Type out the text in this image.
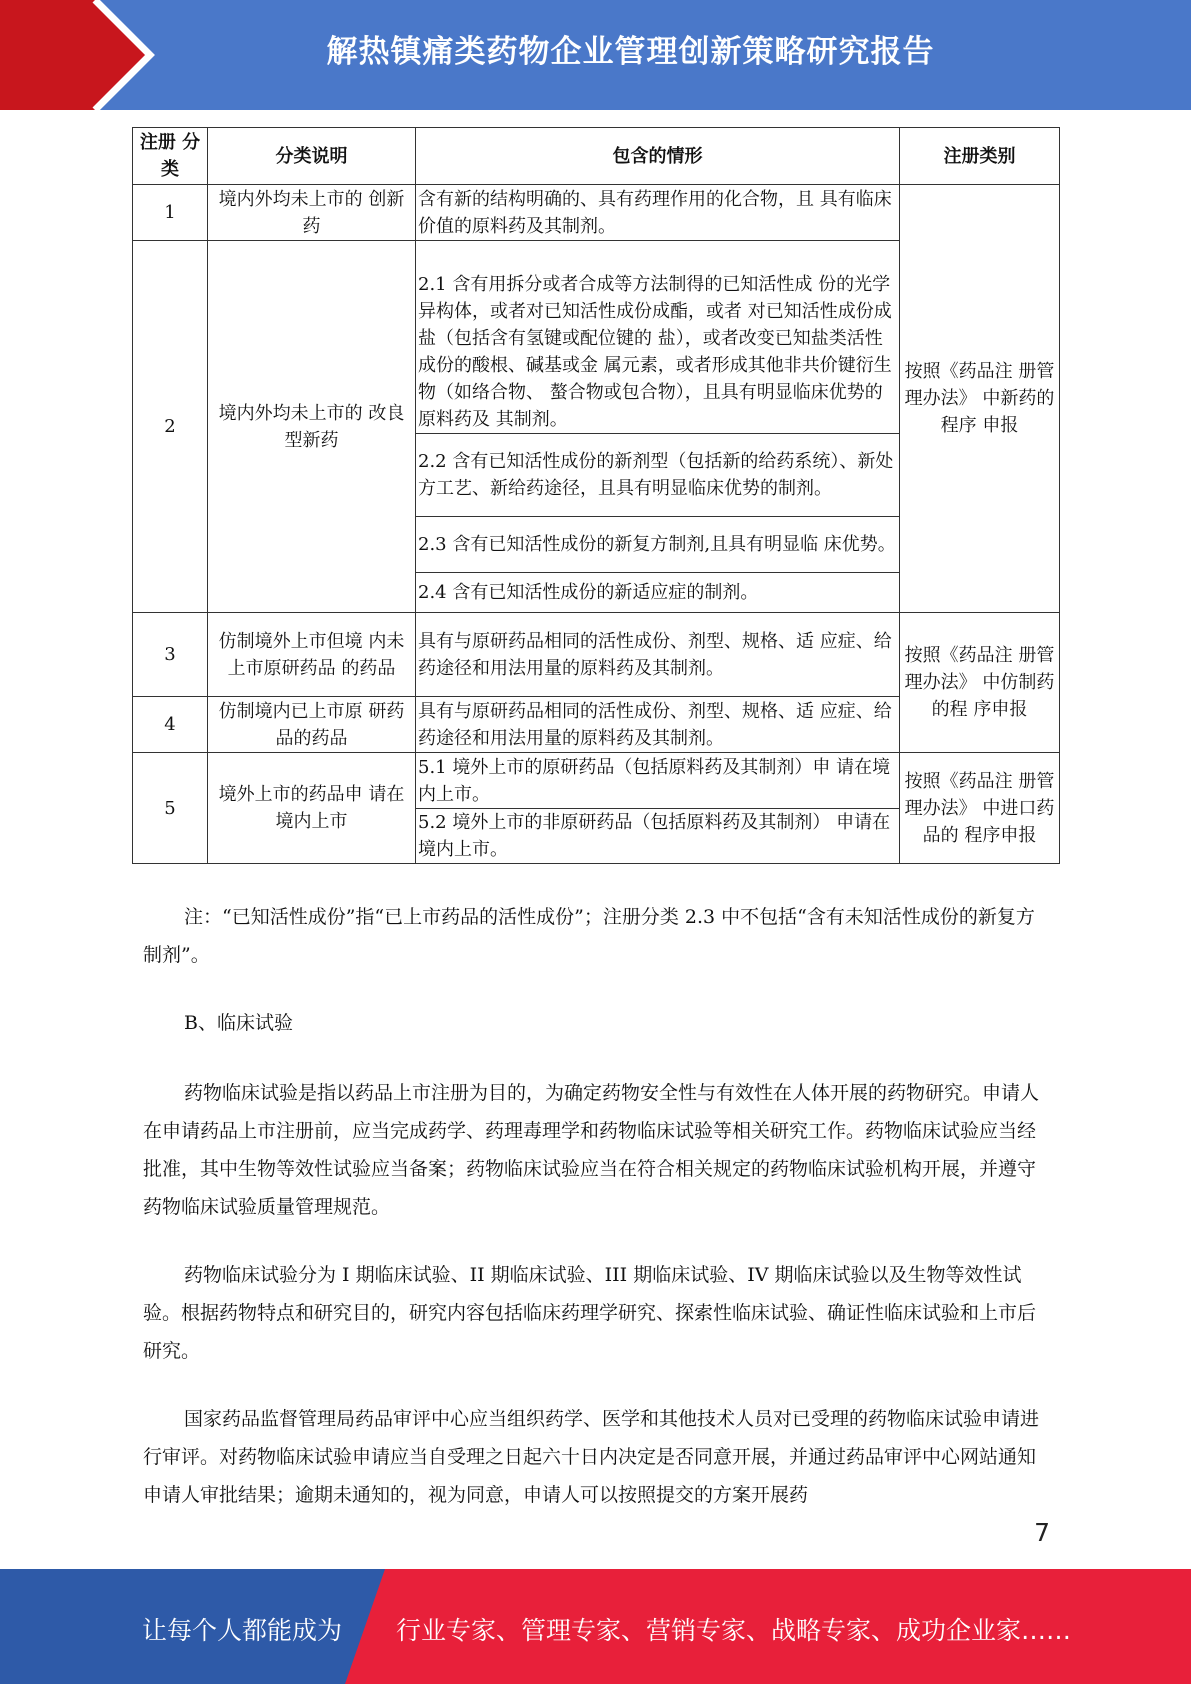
解热镇痛类药物企业管理创新策略研究报告
注册 分类	分类说明	包含的情形	注册类别
1	境内外均未上市的 创新药	含有新的结构明确的、具有药理作用的化合物，且 具有临床价值的原料药及其制剂。	按照《药品注 册管理办法》 中新药的程序 申报
2	境内外均未上市的 改良型新药	2.1 含有用拆分或者合成等方法制得的已知活性成 份的光学异构体，或者对已知活性成份成酯，或者 对已知活性成份成盐（包括含有氢键或配位键的 盐），或者改变已知盐类活性成份的酸根、碱基或金 属元素，或者形成其他非共价键衍生物（如络合物、 螯合物或包合物），且具有明显临床优势的原料药及 其制剂。	
		2.2 含有已知活性成份的新剂型（包括新的给药系统）、新处方工艺、新给药途径，且具有明显临床优势的制剂。	
		2.3 含有已知活性成份的新复方制剂,且具有明显临 床优势。	
		2.4 含有已知活性成份的新适应症的制剂。	
3	仿制境外上市但境 内未上市原研药品 的药品	具有与原研药品相同的活性成份、剂型、规格、适 应症、给药途径和用法用量的原料药及其制剂。	按照《药品注 册管理办法》 中仿制药的程 序申报
4	仿制境内已上市原 研药品的药品	具有与原研药品相同的活性成份、剂型、规格、适 应症、给药途径和用法用量的原料药及其制剂。	
5	境外上市的药品申 请在境内上市	5.1 境外上市的原研药品（包括原料药及其制剂）申 请在境内上市。	按照《药品注 册管理办法》 中进口药品的 程序申报
		5.2 境外上市的非原研药品（包括原料药及其制剂） 申请在境内上市。	

注：“已知活性成份”指“已上市药品的活性成份”；注册分类 2.3 中不包括“含有未知活性成份的新复方制剂”。

B、临床试验

药物临床试验是指以药品上市注册为目的，为确定药物安全性与有效性在人体开展的药物研究。申请人在申请药品上市注册前，应当完成药学、药理毒理学和药物临床试验等相关研究工作。药物临床试验应当经批准，其中生物等效性试验应当备案；药物临床试验应当在符合相关规定的药物临床试验机构开展，并遵守药物临床试验质量管理规范。

药物临床试验分为 I 期临床试验、II 期临床试验、III 期临床试验、IV 期临床试验以及生物等效性试验。根据药物特点和研究目的，研究内容包括临床药理学研究、探索性临床试验、确证性临床试验和上市后研究。

国家药品监督管理局药品审评中心应当组织药学、医学和其他技术人员对已受理的药物临床试验申请进行审评。对药物临床试验申请应当自受理之日起六十日内决定是否同意开展，并通过药品审评中心网站通知申请人审批结果；逾期未通知的，视为同意，申请人可以按照提交的方案开展药

7
让每个人都能成为 行业专家、管理专家、营销专家、战略专家、成功企业家……
